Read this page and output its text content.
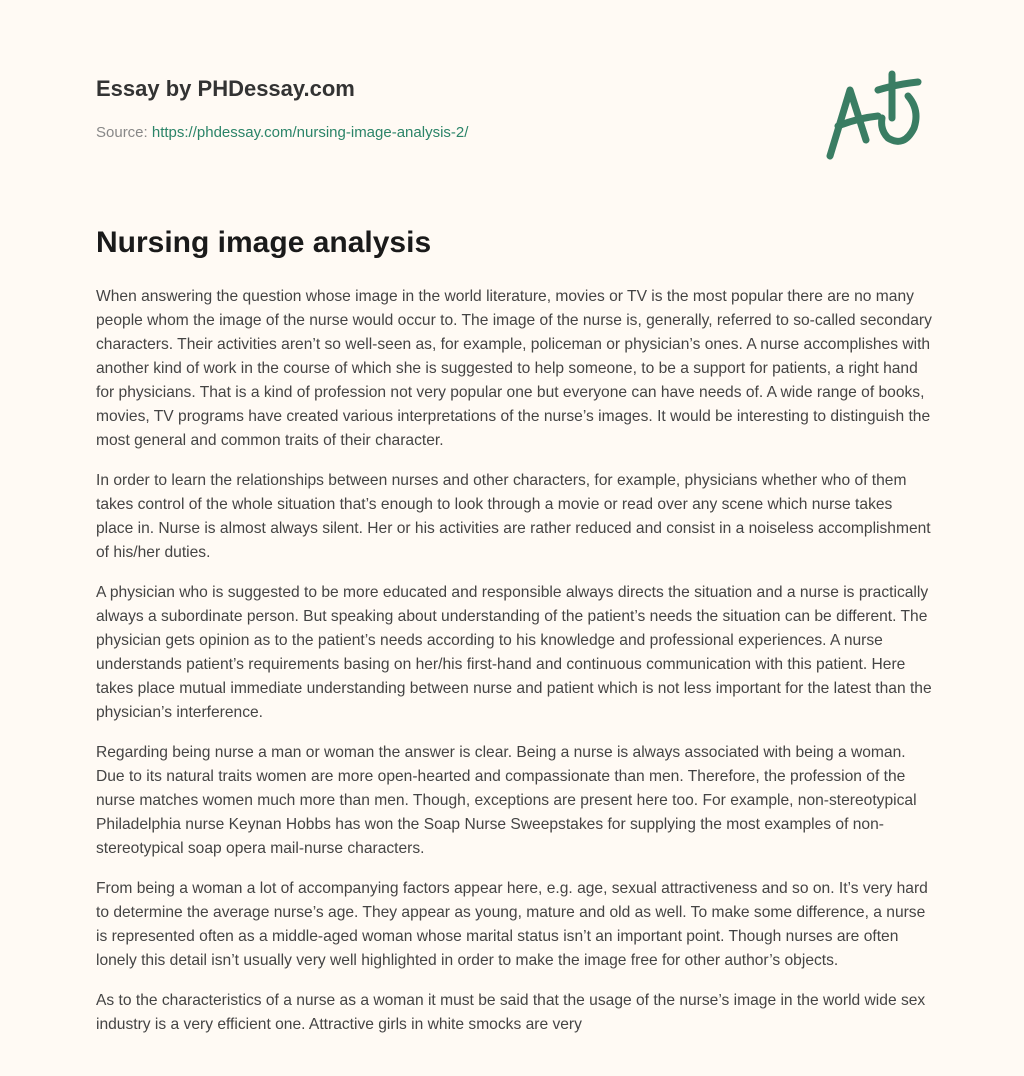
Essay by PHDessay.com
Source: https://phdessay.com/nursing-image-analysis-2/
Nursing image analysis

When answering the question whose image in the world literature, movies or TV is the most popular there are no many people whom the image of the nurse would occur to. The image of the nurse is, generally, referred to so-called secondary characters. Their activities aren’t so well-seen as, for example, policeman or physician’s ones. A nurse accomplishes with another kind of work in the course of which she is suggested to help someone, to be a support for patients, a right hand for physicians. That is a kind of profession not very popular one but everyone can have needs of. A wide range of books, movies, TV programs have created various interpretations of the nurse’s images. It would be interesting to distinguish the most general and common traits of their character.

In order to learn the relationships between nurses and other characters, for example, physicians whether who of them takes control of the whole situation that’s enough to look through a movie or read over any scene which nurse takes place in. Nurse is almost always silent. Her or his activities are rather reduced and consist in a noiseless accomplishment of his/her duties.

A physician who is suggested to be more educated and responsible always directs the situation and a nurse is practically always a subordinate person. But speaking about understanding of the patient’s needs the situation can be different. The physician gets opinion as to the patient’s needs according to his knowledge and professional experiences. A nurse understands patient’s requirements basing on her/his first-hand and continuous communication with this patient. Here takes place mutual immediate understanding between nurse and patient which is not less important for the latest than the physician’s interference.

Regarding being nurse a man or woman the answer is clear. Being a nurse is always associated with being a woman. Due to its natural traits women are more open-hearted and compassionate than men. Therefore, the profession of the nurse matches women much more than men. Though, exceptions are present here too. For example, non-stereotypical Philadelphia nurse Keynan Hobbs has won the Soap Nurse Sweepstakes for supplying the most examples of non-stereotypical soap opera mail-nurse characters.

From being a woman a lot of accompanying factors appear here, e.g. age, sexual attractiveness and so on. It’s very hard to determine the average nurse’s age. They appear as young, mature and old as well. To make some difference, a nurse is represented often as a middle-aged woman whose marital status isn’t an important point. Though nurses are often lonely this detail isn’t usually very well highlighted in order to make the image free for other author’s objects.

As to the characteristics of a nurse as a woman it must be said that the usage of the nurse’s image in the world wide sex industry is a very efficient one. Attractive girls in white smocks are very
